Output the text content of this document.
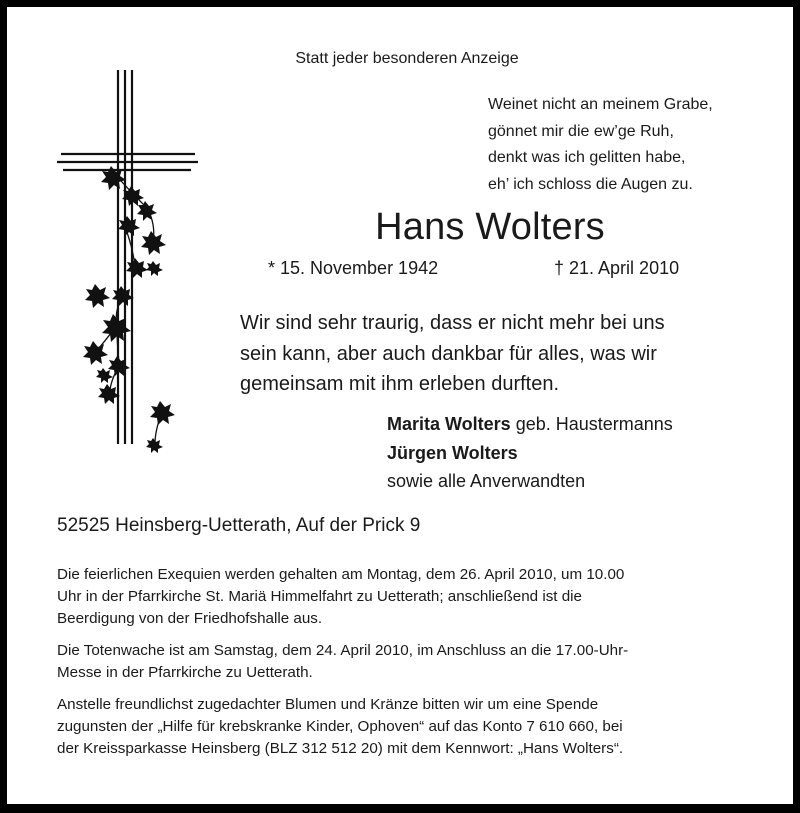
Statt jeder besonderen Anzeige

Weinet nicht an meinem Grabe,
gönnet mir die ew’ge Ruh,
denkt was ich gelitten habe,
eh’ ich schloss die Augen zu.

Hans Wolters

* 15. November 1942	† 21. April 2010

Wir sind sehr traurig, dass er nicht mehr bei uns
sein kann, aber auch dankbar für alles, was wir
gemeinsam mit ihm erleben durften.
Marita Wolters geb. Haustermanns
Jürgen Wolters
sowie alle Anverwandten

52525 Heinsberg-Uetterath, Auf der Prick 9

Die feierlichen Exequien werden gehalten am Montag, dem 26. April 2010, um 10.00
Uhr in der Pfarrkirche St. Mariä Himmelfahrt zu Uetterath; anschließend ist die
Beerdigung von der Friedhofshalle aus.
Die Totenwache ist am Samstag, dem 24. April 2010, im Anschluss an die 17.00-Uhr-
Messe in der Pfarrkirche zu Uetterath.
Anstelle freundlichst zugedachter Blumen und Kränze bitten wir um eine Spende
zugunsten der „Hilfe für krebskranke Kinder, Ophoven“ auf das Konto 7 610 660, bei
der Kreissparkasse Heinsberg (BLZ 312 512 20) mit dem Kennwort: „Hans Wolters“.
